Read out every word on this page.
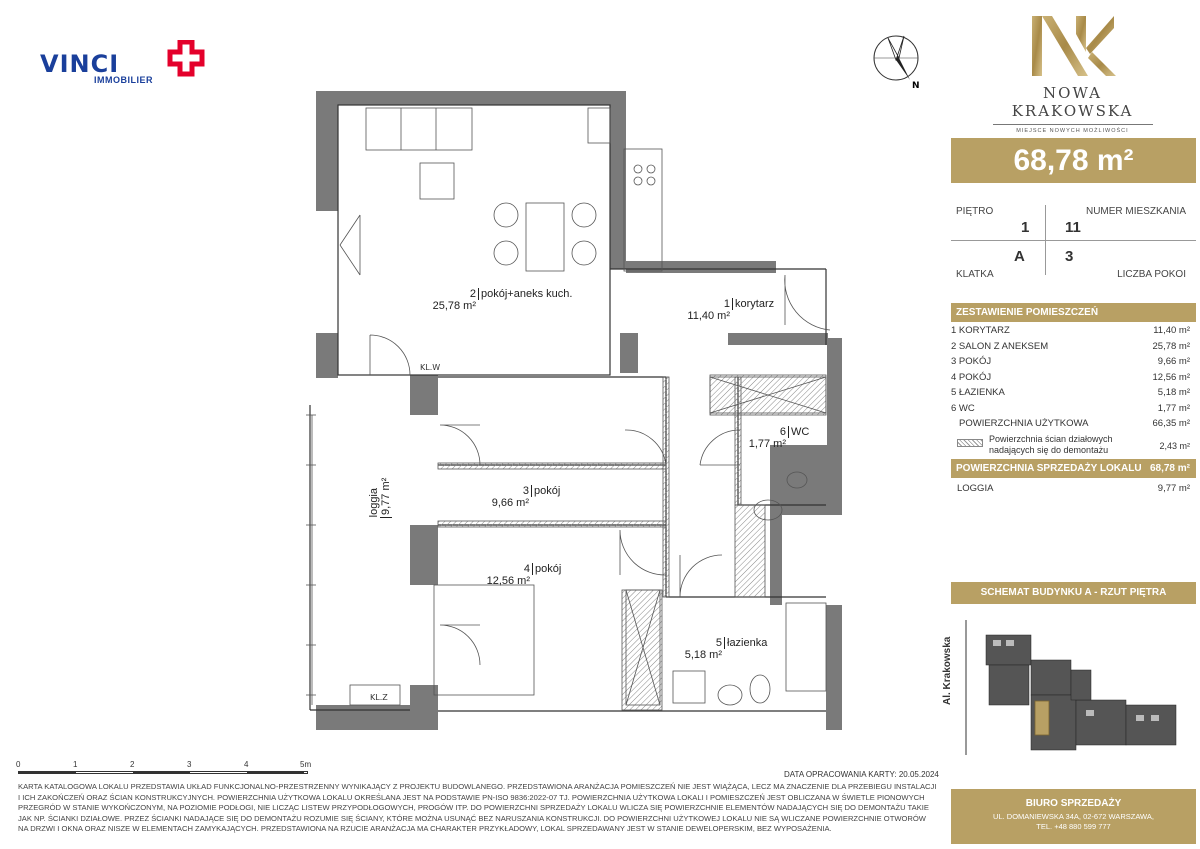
VINCI
IMMOBILIER
N	NOWA KRAKOWSKA
MIEJSCE NOWYCH MOŻLIWOŚCI
68,78 m²
PIĘTRO	NUMER MIESZKANIA
1 11
A	3
KLATKA	LICZBA POKOI
ZESTAWIENIE POMIESZCZEŃ
1 KORYTARZ	11,40 m²
2 SALON Z ANEKSEM	25,78 m²
3 POKÓJ	9,66 m²
4 POKÓJ	12,56 m²
5 ŁAZIENKA	5,18 m²
6 WC	1,77 m²
POWIERZCHNIA UŻYTKOWA	66,35 m²
Powierzchnia ścian działowych nadających się do demontażu	2,43 m²
POWIERZCHNIA SPRZEDAŻY LOKALU 68,78 m²
LOGGIA	9,77 m²
SCHEMAT BUDYNKU A - RZUT PIĘTRA
Al. Krakowska
BIURO SPRZEDAŻY
UL. DOMANIEWSKA 34A, 02-672 WARSZAWA,
TEL. +48 880 599 777
KL.W
KL.Z
2 pokój+aneks kuch.
25,78 m²	1 korytarz
11,40 m²
6 WC
1,77 m²
3 pokój
9,66 m²
4 pokój
12,56 m²
5 łazienka
5,18 m²
loggia
9,77 m²
0	1	2	3	4	5m
DATA OPRACOWANIA KARTY: 20.05.2024
KARTA KATALOGOWA LOKALU PRZEDSTAWIA UKŁAD FUNKCJONALNO-PRZESTRZENNY WYNIKAJĄCY Z PROJEKTU BUDOWLANEGO. PRZEDSTAWIONA ARANŻACJA POMIESZCZEŃ NIE JEST WIĄŻĄCA, LECZ MA ZNACZENIE DLA PRZEBIEGU INSTALACJI I ICH ZAKOŃCZEŃ ORAZ ŚCIAN KONSTRUKCYJNYCH. POWIERZCHNIA UŻYTKOWA LOKALU OKREŚLANA JEST NA PODSTAWIE PN-ISO 9836:2022-07 TJ. POWIERZCHNIA UŻYTKOWA LOKALI I POMIESZCZEŃ JEST OBLICZANA W ŚWIETLE PIONOWYCH PRZEGRÓD W STANIE WYKOŃCZONYM, NA POZIOMIE PODŁOGI, NIE LICZĄC LISTEW PRZYPODŁOGOWYCH, PROGÓW ITP. DO POWIERZCHNI SPRZEDAŻY LOKALU WLICZA SIĘ POWIERZCHNIE ELEMENTÓW NADAJĄCYCH SIĘ DO DEMONTAŻU TAKIE JAK NP. ŚCIANKI DZIAŁOWE. PRZEZ ŚCIANKI NADAJĄCE SIĘ DO DEMONTAŻU ROZUMIE SIĘ ŚCIANY, KTÓRE MOŻNA USUNĄĆ BEZ NARUSZANIA KONSTRUKCJI. DO POWIERZCHNI UŻYTKOWEJ LOKALU NIE SĄ WLICZANE POWIERZCHNIE OTWORÓW NA DRZWI I OKNA ORAZ NISZE W ELEMENTACH ZAMYKAJĄCYCH. PRZEDSTAWIONA NA RZUCIE ARANŻACJA MA CHARAKTER PRZYKŁADOWY, LOKAL SPRZEDAWANY JEST W STANIE DEWELOPERSKIM, BEZ WYPOSAŻENIA.
